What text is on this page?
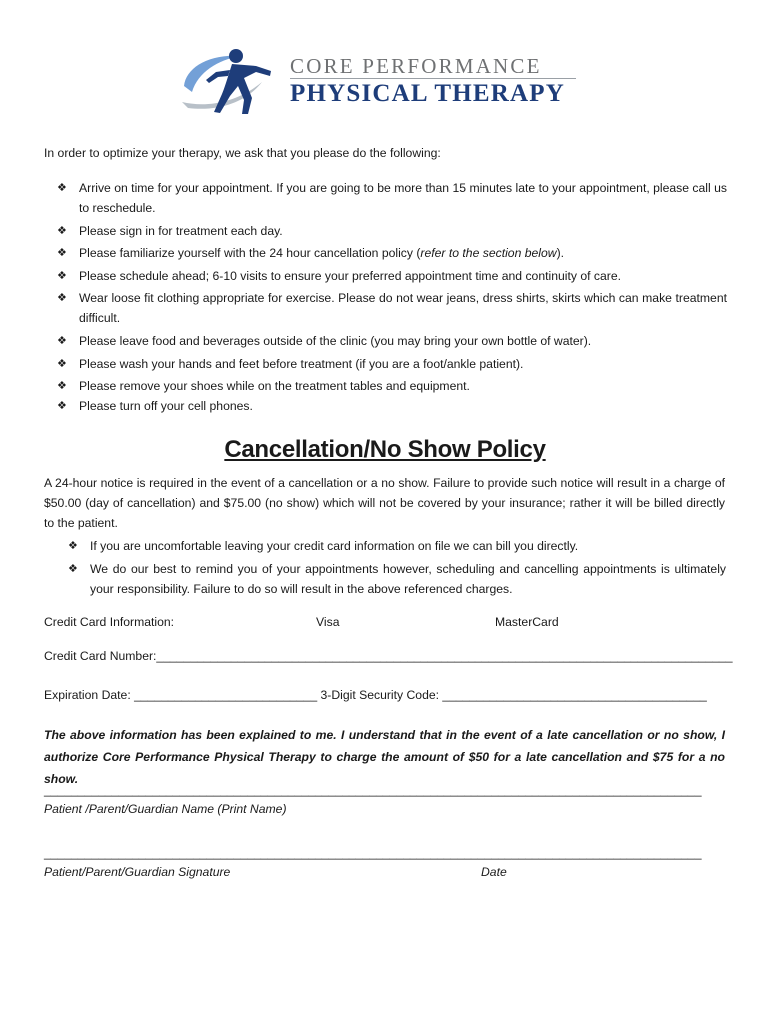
CORE PERFORMANCE
PHYSICAL THERAPY
In order to optimize your therapy, we ask that you please do the following:
❖ Arrive on time for your appointment. If you are going to be more than 15 minutes late to your appointment, please call us to reschedule.
❖ Please sign in for treatment each day.
❖ Please familiarize yourself with the 24 hour cancellation policy (refer to the section below).
❖ Please schedule ahead; 6-10 visits to ensure your preferred appointment time and continuity of care.
❖ Wear loose fit clothing appropriate for exercise. Please do not wear jeans, dress shirts, skirts which can make treatment difficult.
❖ Please leave food and beverages outside of the clinic (you may bring your own bottle of water).
❖ Please wash your hands and feet before treatment (if you are a foot/ankle patient).
❖ Please remove your shoes while on the treatment tables and equipment.
❖ Please turn off your cell phones.
Cancellation/No Show Policy
A 24-hour notice is required in the event of a cancellation or a no show. Failure to provide such notice will result in a charge of $50.00 (day of cancellation) and $75.00 (no show) which will not be covered by your insurance; rather it will be billed directly to the patient.
❖ If you are uncomfortable leaving your credit card information on file we can bill you directly.
❖ We do our best to remind you of your appointments however, scheduling and cancelling appointments is ultimately your responsibility. Failure to do so will result in the above referenced charges.
Credit Card Information:	Visa	MasterCard
Credit Card Number:_____________________________________________________________________________________
Expiration Date: ___________________________ 3-Digit Security Code: _______________________________________
The above information has been explained to me. I understand that in the event of a late cancellation or no show, I authorize Core Performance Physical Therapy to charge the amount of $50 for a late cancellation and $75 for a no show.
_________________________________________________________________________________________________
Patient /Parent/Guardian Name (Print Name)
_________________________________________________________________________________________________
Patient/Parent/Guardian Signature	Date
